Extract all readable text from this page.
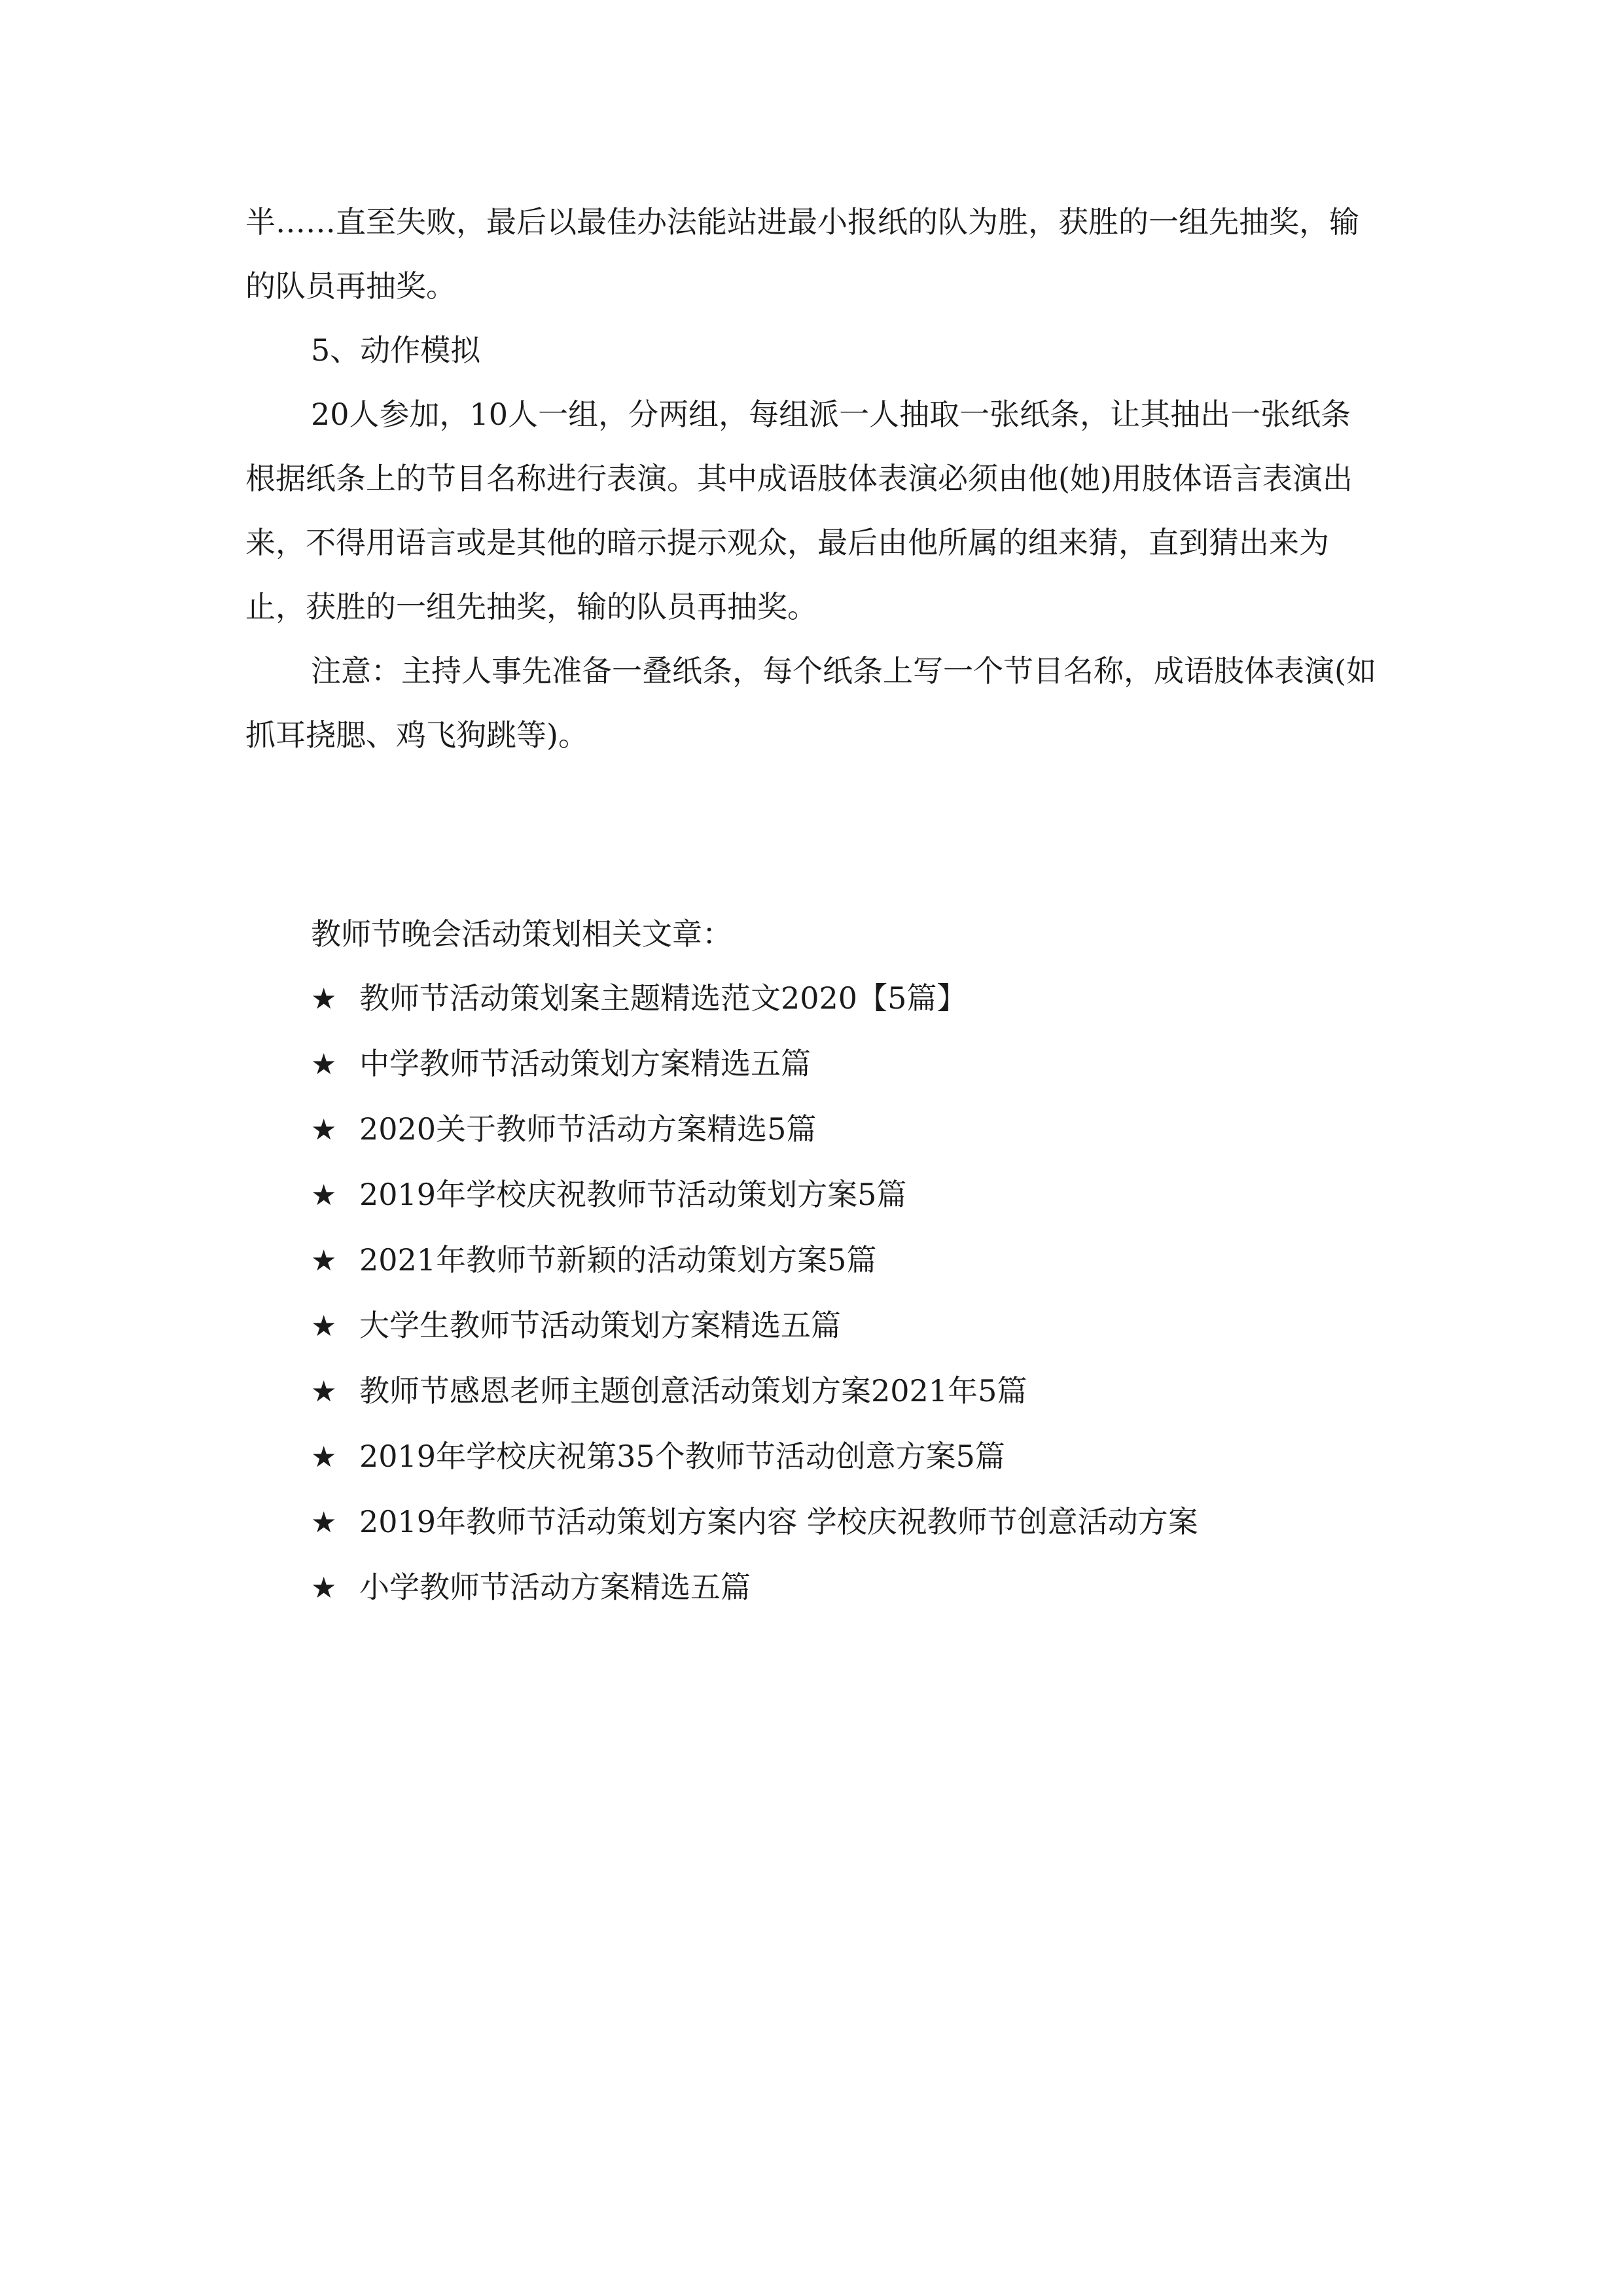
半……直至失败，最后以最佳办法能站进最小报纸的队为胜，获胜的一组先抽奖，输的队员再抽奖。

5、动作模拟

20人参加，10人一组，分两组，每组派一人抽取一张纸条，让其抽出一张纸条根据纸条上的节目名称进行表演。其中成语肢体表演必须由他(她)用肢体语言表演出来，不得用语言或是其他的暗示提示观众，最后由他所属的组来猜，直到猜出来为止，获胜的一组先抽奖，输的队员再抽奖。

注意：主持人事先准备一叠纸条，每个纸条上写一个节目名称，成语肢体表演(如抓耳挠腮、鸡飞狗跳等)。

教师节晚会活动策划相关文章：

★ 教师节活动策划案主题精选范文2020【5篇】
★ 中学教师节活动策划方案精选五篇
★ 2020关于教师节活动方案精选5篇
★ 2019年学校庆祝教师节活动策划方案5篇
★ 2021年教师节新颖的活动策划方案5篇
★ 大学生教师节活动策划方案精选五篇
★ 教师节感恩老师主题创意活动策划方案2021年5篇
★ 2019年学校庆祝第35个教师节活动创意方案5篇
★ 2019年教师节活动策划方案内容 学校庆祝教师节创意活动方案
★ 小学教师节活动方案精选五篇
